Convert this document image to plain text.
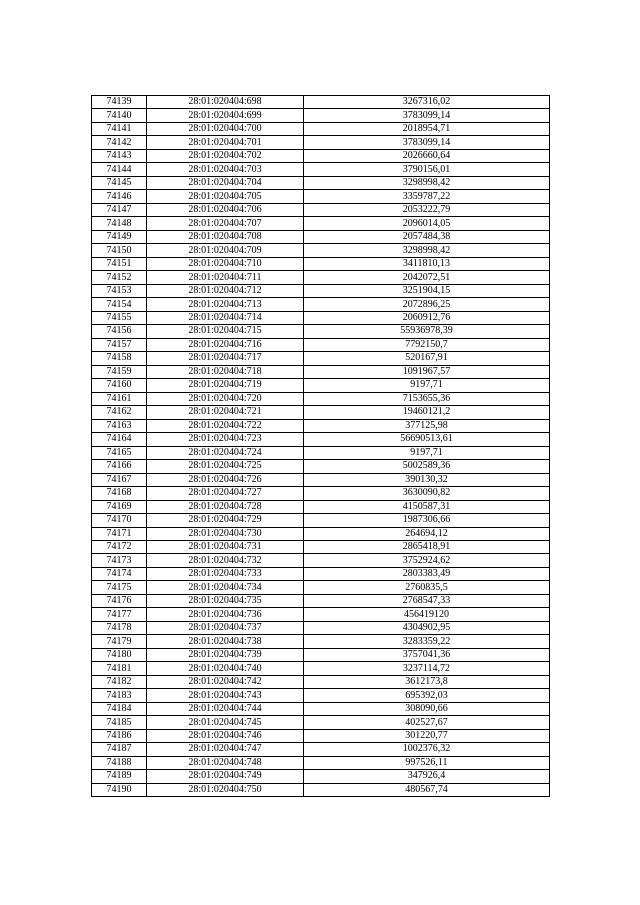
74139	28:01:020404:698	3267316,02
74140	28:01:020404:699	3783099,14
74141	28:01:020404:700	2018954,71
74142	28:01:020404:701	3783099,14
74143	28:01:020404:702	2026660,64
74144	28:01:020404:703	3790156,01
74145	28:01:020404:704	3298998,42
74146	28:01:020404:705	3359787,22
74147	28:01:020404:706	2053222,79
74148	28:01:020404:707	2096014,05
74149	28:01:020404:708	2057484,38
74150	28:01:020404:709	3298998,42
74151	28:01:020404:710	3411810,13
74152	28:01:020404:711	2042072,51
74153	28:01:020404:712	3251904,15
74154	28:01:020404:713	2072896,25
74155	28:01:020404:714	2060912,76
74156	28:01:020404:715	55936978,39
74157	28:01:020404:716	7792150,7
74158	28:01:020404:717	520167,91
74159	28:01:020404:718	1091967,57
74160	28:01:020404:719	9197,71
74161	28:01:020404:720	7153655,36
74162	28:01:020404:721	19460121,2
74163	28:01:020404:722	377125,98
74164	28:01:020404:723	56690513,61
74165	28:01:020404:724	9197,71
74166	28:01:020404:725	5002589,36
74167	28:01:020404:726	390130,32
74168	28:01:020404:727	3630090,82
74169	28:01:020404:728	4150587,31
74170	28:01:020404:729	1987306,66
74171	28:01:020404:730	264694,12
74172	28:01:020404:731	2865418,91
74173	28:01:020404:732	3752924,62
74174	28:01:020404:733	2803383,49
74175	28:01:020404:734	2760835,5
74176	28:01:020404:735	2768547,33
74177	28:01:020404:736	456419120
74178	28:01:020404:737	4304902,95
74179	28:01:020404:738	3283359,22
74180	28:01:020404:739	3757041,36
74181	28:01:020404:740	3237114,72
74182	28:01:020404:742	3612173,8
74183	28:01:020404:743	695392,03
74184	28:01:020404:744	308090,66
74185	28:01:020404:745	402527,67
74186	28:01:020404:746	301220,77
74187	28:01:020404:747	1002376,32
74188	28:01:020404:748	997526,11
74189	28:01:020404:749	347926,4
74190	28:01:020404:750	480567,74
